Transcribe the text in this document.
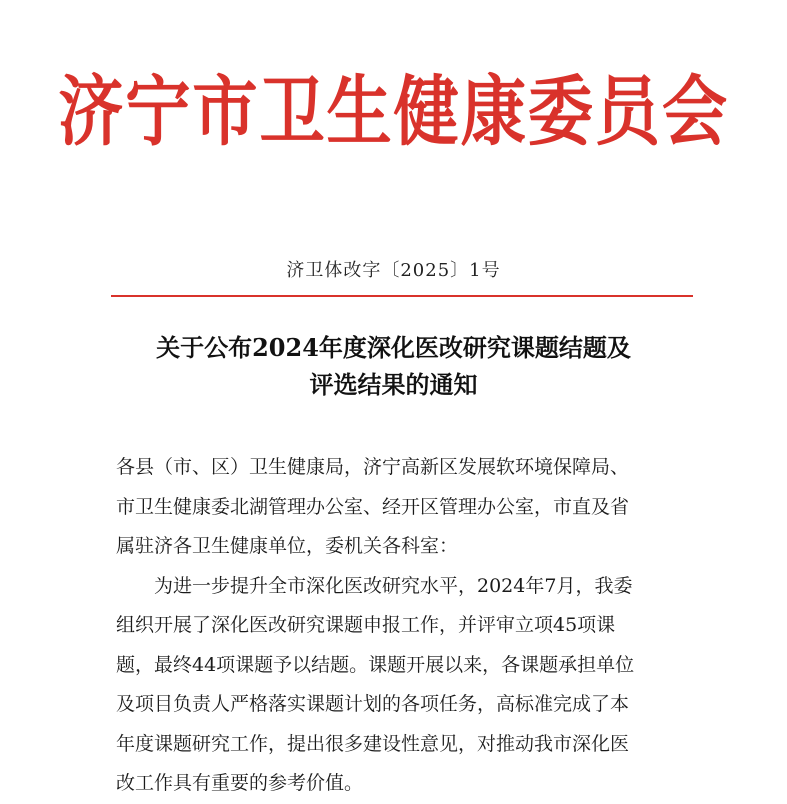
济宁市卫生健康委员会
济卫体改字〔2025〕1号
关于公布2024年度深化医改研究课题结题及
评选结果的通知
各县（市、区）卫生健康局，济宁高新区发展软环境保障局、
市卫生健康委北湖管理办公室、经开区管理办公室，市直及省
属驻济各卫生健康单位，委机关各科室：
为进一步提升全市深化医改研究水平，2024年7月，我委
组织开展了深化医改研究课题申报工作，并评审立项45项课
题，最终44项课题予以结题。课题开展以来，各课题承担单位
及项目负责人严格落实课题计划的各项任务，高标准完成了本
年度课题研究工作，提出很多建设性意见，对推动我市深化医
改工作具有重要的参考价值。
